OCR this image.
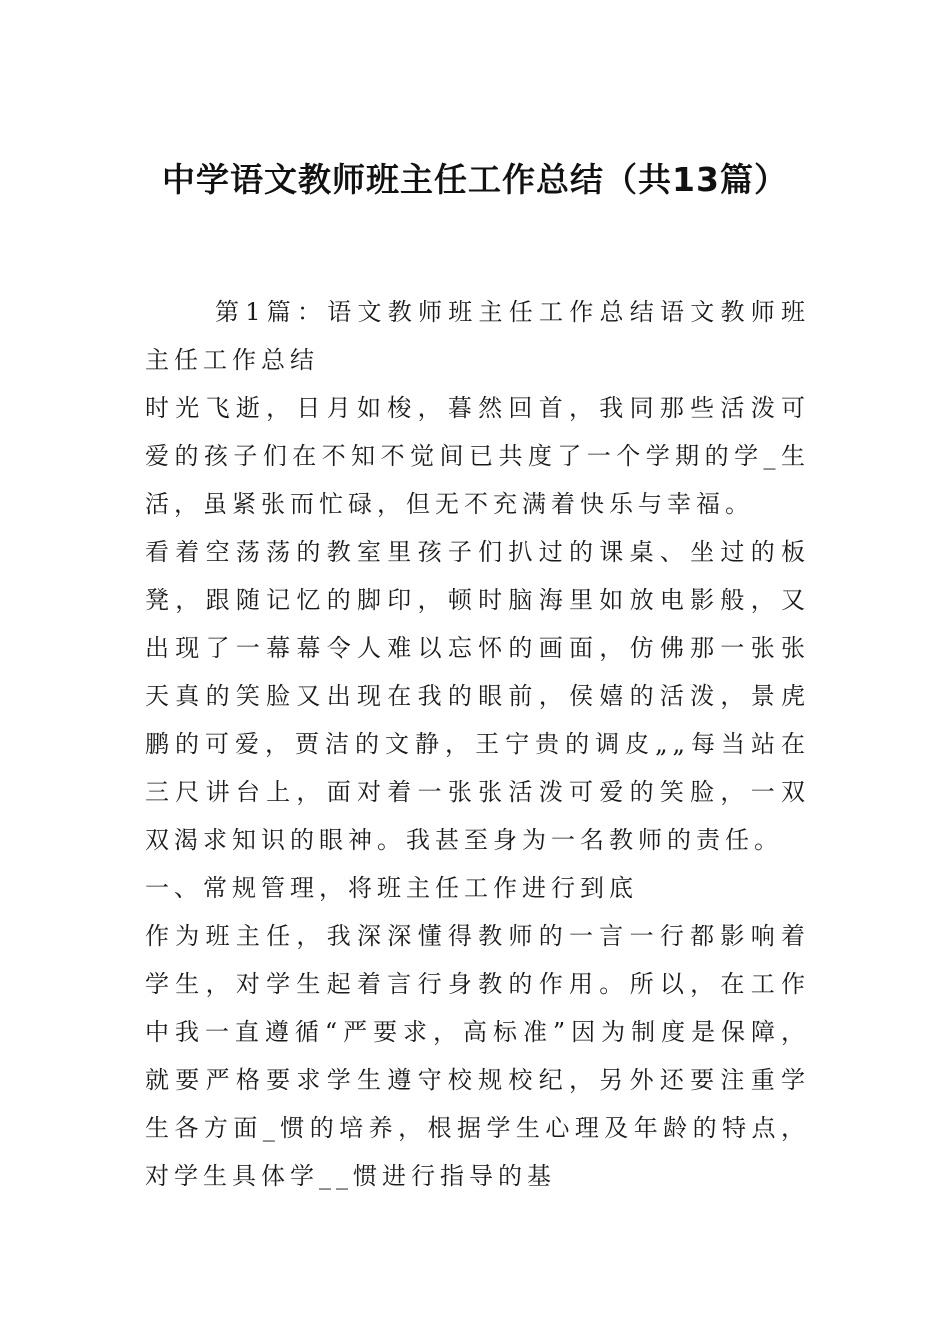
中学语文教师班主任工作总结（共13篇）

第1篇：语文教师班主任工作总结语文教师班主任工作总结

时光飞逝，日月如梭，暮然回首，我同那些活泼可爱的孩子们在不知不觉间已共度了一个学期的学_生活，虽紧张而忙碌，但无不充满着快乐与幸福。

看着空荡荡的教室里孩子们扒过的课桌、坐过的板凳，跟随记忆的脚印，顿时脑海里如放电影般，又出现了一幕幕令人难以忘怀的画面，仿佛那一张张天真的笑脸又出现在我的眼前，侯嬉的活泼，景虎鹏的可爱，贾洁的文静，王宁贵的调皮„„每当站在三尺讲台上，面对着一张张活泼可爱的笑脸，一双双渴求知识的眼神。我甚至身为一名教师的责任。

一、常规管理，将班主任工作进行到底

作为班主任，我深深懂得教师的一言一行都影响着学生，对学生起着言行身教的作用。所以，在工作中我一直遵循“严要求，高标准”因为制度是保障，就要严格要求学生遵守校规校纪，另外还要注重学生各方面_惯的培养，根据学生心理及年龄的特点，对学生具体学__惯进行指导的基
